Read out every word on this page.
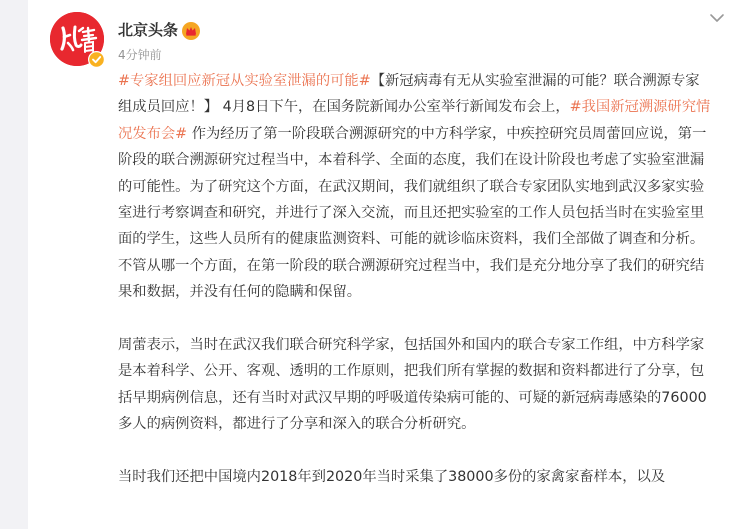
北京头条
4分钟前

#专家组回应新冠从实验室泄漏的可能#【新冠病毒有无从实验室泄漏的可能？联合溯源专家组成员回应！】 4月8日下午，在国务院新闻办公室举行新闻发布会上，#我国新冠溯源研究情况发布会# 作为经历了第一阶段联合溯源研究的中方科学家，中疾控研究员周蕾回应说，第一阶段的联合溯源研究过程当中，本着科学、全面的态度，我们在设计阶段也考虑了实验室泄漏的可能性。为了研究这个方面，在武汉期间，我们就组织了联合专家团队实地到武汉多家实验室进行考察调查和研究，并进行了深入交流，而且还把实验室的工作人员包括当时在实验室里面的学生，这些人员所有的健康监测资料、可能的就诊临床资料，我们全部做了调查和分析。不管从哪一个方面，在第一阶段的联合溯源研究过程当中，我们是充分地分享了我们的研究结果和数据，并没有任何的隐瞒和保留。

周蕾表示，当时在武汉我们联合研究科学家，包括国外和国内的联合专家工作组，中方科学家是本着科学、公开、客观、透明的工作原则，把我们所有掌握的数据和资料都进行了分享，包括早期病例信息，还有当时对武汉早期的呼吸道传染病可能的、可疑的新冠病毒感染的76000多人的病例资料，都进行了分享和深入的联合分析研究。

当时我们还把中国境内2018年到2020年当时采集了38000多份的家禽家畜样本，以及
